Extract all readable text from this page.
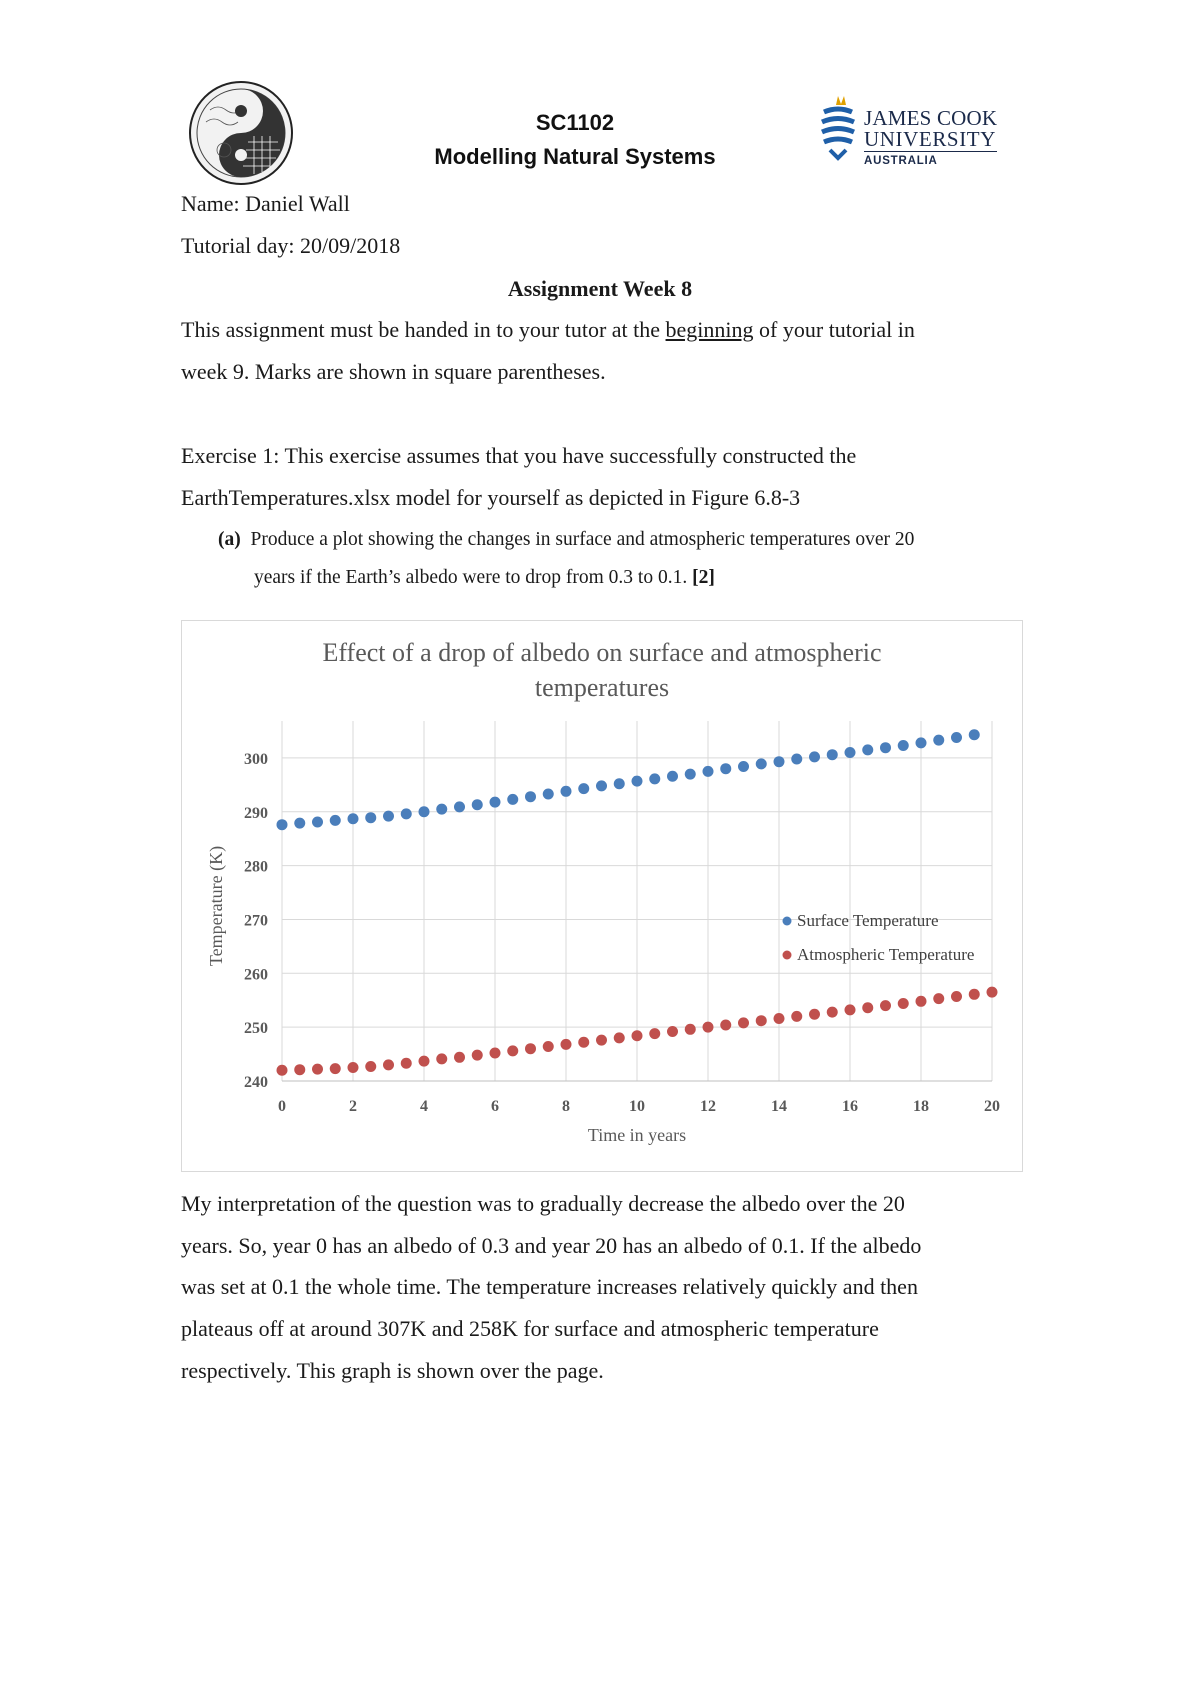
SC1102
Modelling Natural Systems
JAMES COOK
UNIVERSITY
AUSTRALIA
Name: Daniel Wall
Tutorial day: 20/09/2018
Assignment Week 8
This assignment must be handed in to your tutor at the beginning of your tutorial in
week 9. Marks are shown in square parentheses.
Exercise 1: This exercise assumes that you have successfully constructed the
EarthTemperatures.xlsx model for yourself as depicted in Figure 6.8-3
(a) Produce a plot showing the changes in surface and atmospheric temperatures over 20
years if the Earth’s albedo were to drop from 0.3 to 0.1. [2]
Effect of a drop of albedo on surface and atmospheric
temperatures
240
250
260
270
280
290
300
0	2	4	6	8	10	12	14	16	18	20
Time in years
Temperature (K)	Surface Temperature
Atmospheric Temperature
My interpretation of the question was to gradually decrease the albedo over the 20
years. So, year 0 has an albedo of 0.3 and year 20 has an albedo of 0.1. If the albedo
was set at 0.1 the whole time. The temperature increases relatively quickly and then
plateaus off at around 307K and 258K for surface and atmospheric temperature
respectively. This graph is shown over the page.
